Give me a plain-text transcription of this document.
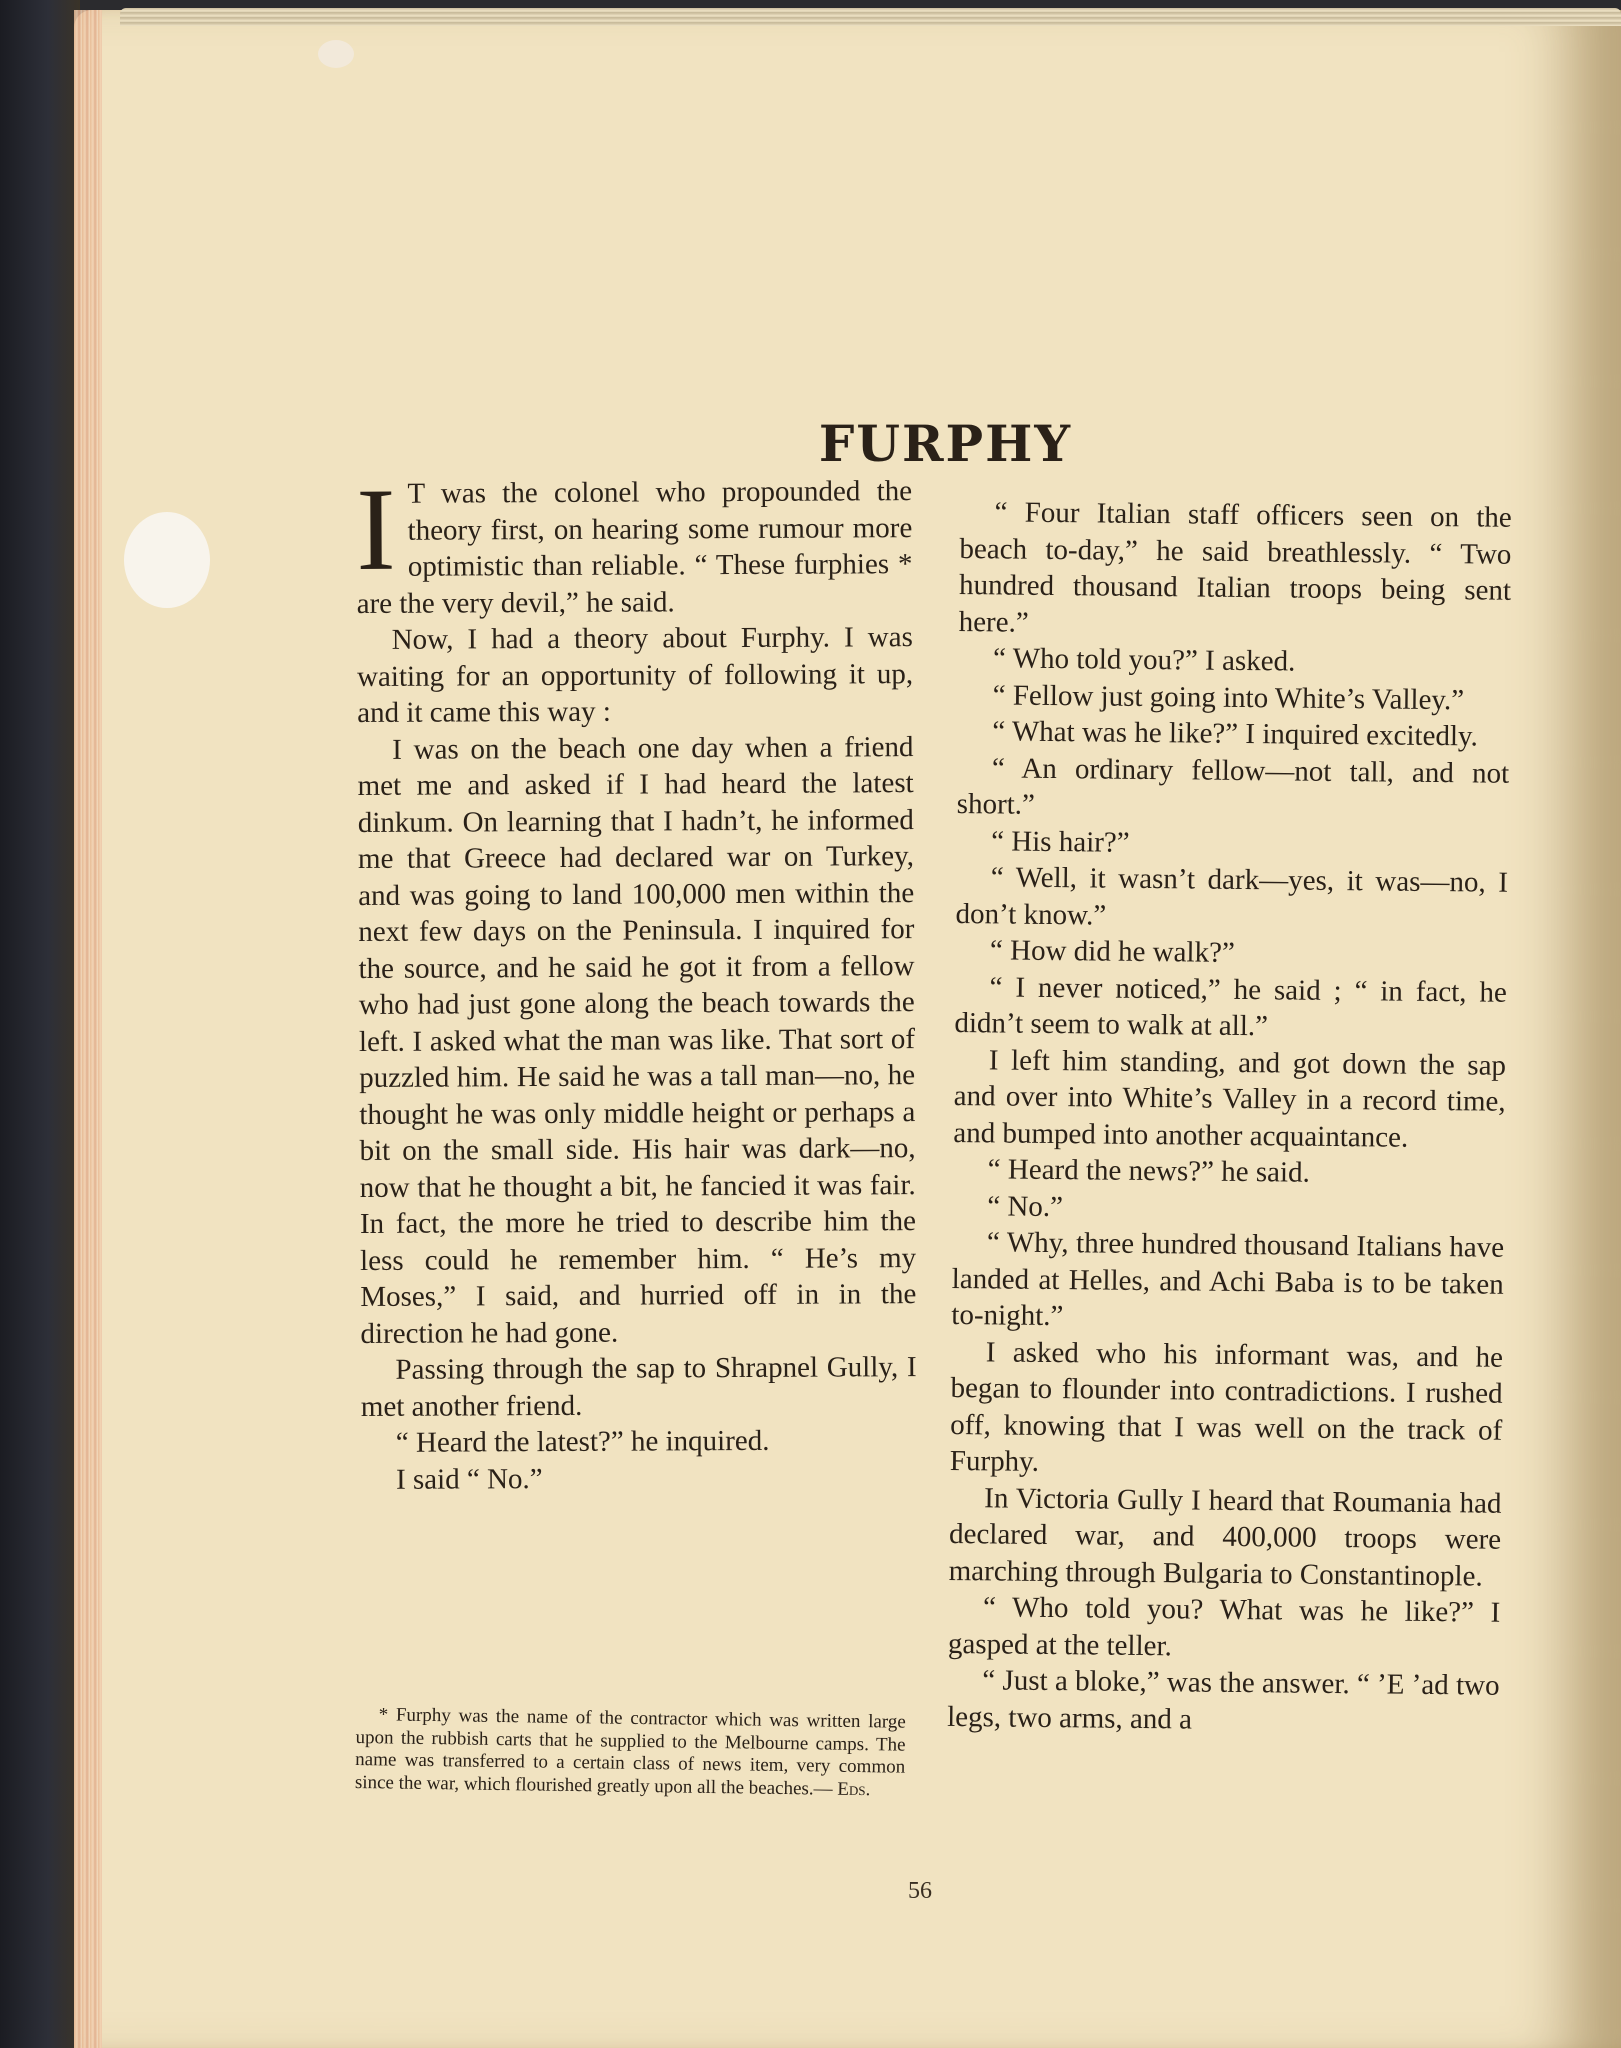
FURPHY
I T was the colonel who propounded the theory first, on hearing some rumour more optimistic than reliable. “ These furphies * are the very devil,” he said.

Now, I had a theory about Furphy. I was waiting for an opportunity of following it up, and it came this way :

I was on the beach one day when a friend met me and asked if I had heard the latest dinkum. On learning that I hadn’t, he informed me that Greece had declared war on Turkey, and was going to land 100,000 men within the next few days on the Peninsula. I inquired for the source, and he said he got it from a fellow who had just gone along the beach towards the left. I asked what the man was like. That sort of puzzled him. He said he was a tall man—no, he thought he was only middle height or perhaps a bit on the small side. His hair was dark—no, now that he thought a bit, he fancied it was fair. In fact, the more he tried to describe him the less could he remember him. “ He’s my Moses,” I said, and hurried off in in the direction he had gone.

Passing through the sap to Shrapnel Gully, I met another friend.

“ Heard the latest?” he inquired.

I said “ No.”

* Furphy was the name of the contractor which was written large upon the rubbish carts that he supplied to the Melbourne camps. The name was transferred to a certain class of news item, very common since the war, which flourished greatly upon all the beaches.— Eds.

“ Four Italian staff officers seen on the beach to-day,” he said breathlessly. “ Two hundred thousand Italian troops being sent here.”

“ Who told you?” I asked.

“ Fellow just going into White’s Valley.”

“ What was he like?” I inquired excitedly.

“ An ordinary fellow—not tall, and not short.”

“ His hair?”

“ Well, it wasn’t dark—yes, it was—no, I don’t know.”

“ How did he walk?”

“ I never noticed,” he said ; “ in fact, he didn’t seem to walk at all.”

I left him standing, and got down the sap and over into White’s Valley in a record time, and bumped into another acquaintance.

“ Heard the news?” he said.

“ No.”

“ Why, three hundred thousand Italians have landed at Helles, and Achi Baba is to be taken to-night.”

I asked who his informant was, and he began to flounder into contradictions. I rushed off, knowing that I was well on the track of Furphy.

In Victoria Gully I heard that Roumania had declared war, and 400,000 troops were marching through Bulgaria to Constantinople.

“ Who told you? What was he like?” I gasped at the teller.

“ Just a bloke,” was the answer. “ ’E ’ad two legs, two arms, and a

56
